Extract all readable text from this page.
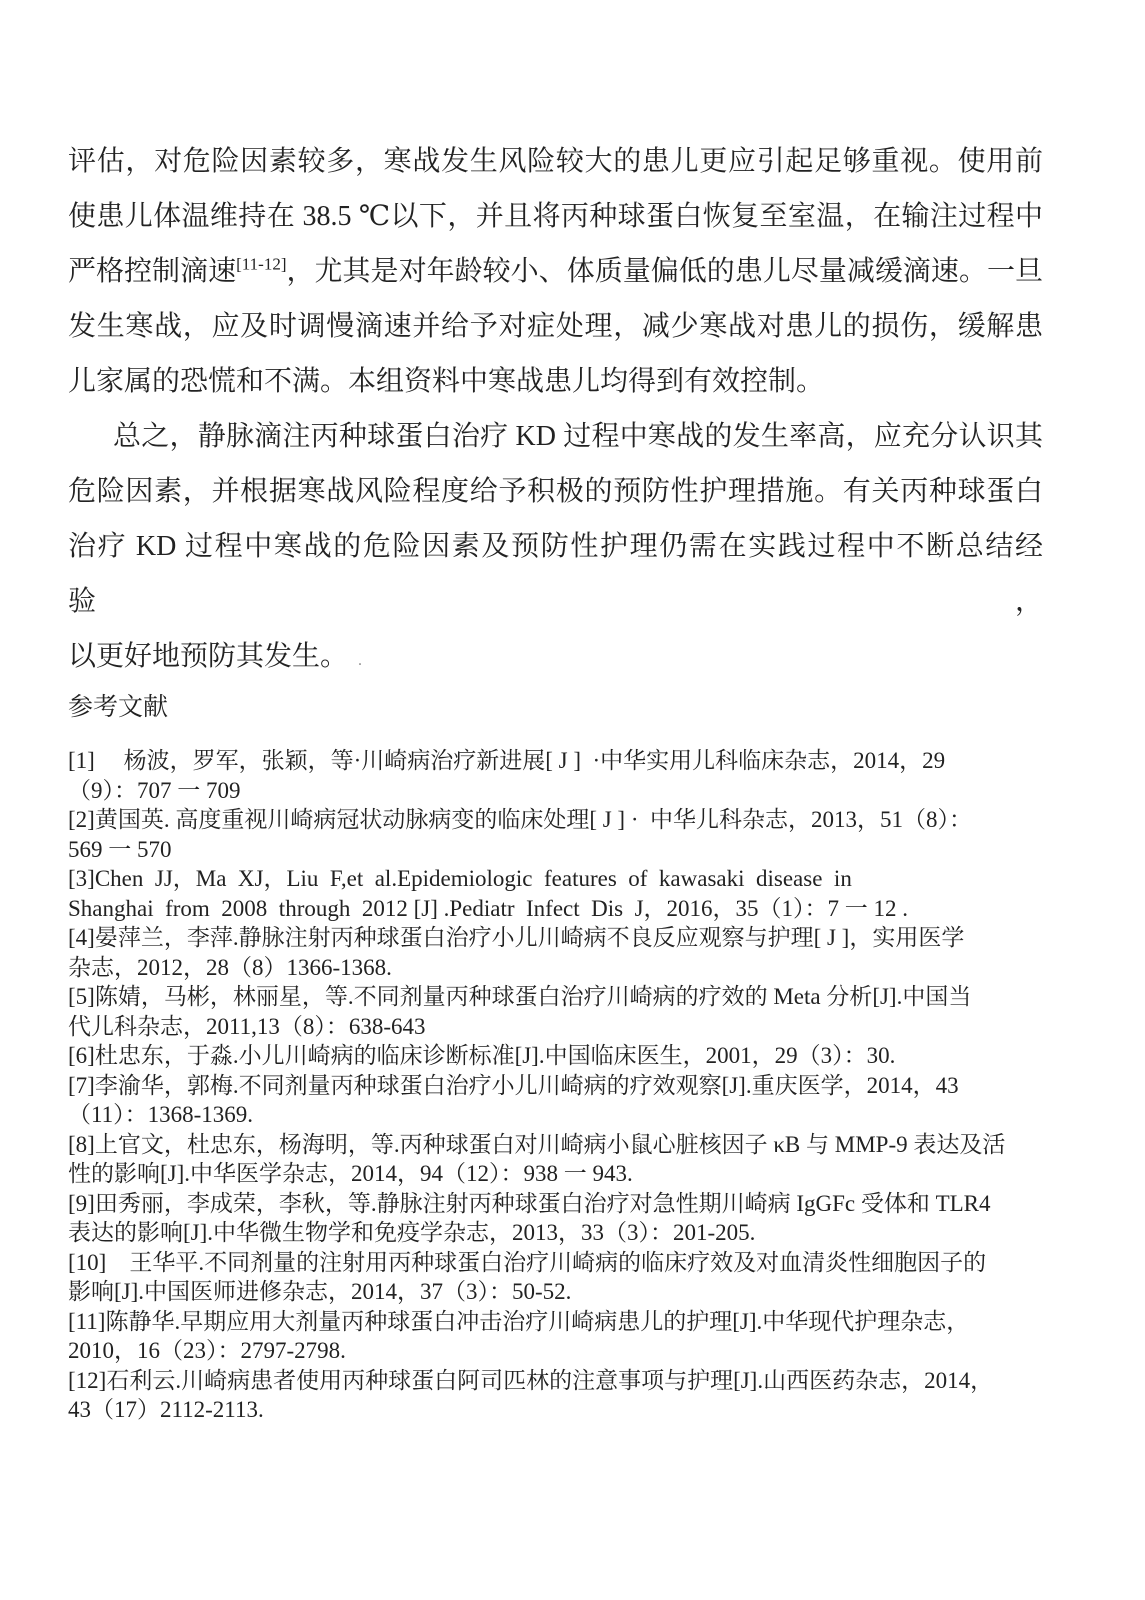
评估，对危险因素较多，寒战发生风险较大的患儿更应引起足够重视。使用前

使患儿体温维持在 38.5 ℃以下，并且将丙种球蛋白恢复至室温，在输注过程中

严格控制滴速[11-12]，尤其是对年龄较小、体质量偏低的患儿尽量减缓滴速。一旦

发生寒战，应及时调慢滴速并给予对症处理，减少寒战对患儿的损伤，缓解患

儿家属的恐慌和不满。本组资料中寒战患儿均得到有效控制。

总之，静脉滴注丙种球蛋白治疗 KD 过程中寒战的发生率高，应充分认识其

危险因素，并根据寒战风险程度给予积极的预防性护理措施。有关丙种球蛋白

治疗 KD 过程中寒战的危险因素及预防性护理仍需在实践过程中不断总结经验，

以更好地预防其发生。 .

参考文献
[1]　 杨波，罗军，张颖，等·川崎病治疗新进展[ J ]  ·中华实用儿科临床杂志，2014，29
（9）：707 一 709
[2]黄国英. 高度重视川崎病冠状动脉病变的临床处理[ J ] ·  中华儿科杂志，2013，51（8）：
569 一 570
[3]Chen  JJ，Ma  XJ，Liu  F,et  al.Epidemiologic  features  of  kawasaki  disease  in
Shanghai  from  2008  through  2012 [J] .Pediatr  Infect  Dis  J，2016，35（1）：7 一 12 .
[4]晏萍兰，李萍.静脉注射丙种球蛋白治疗小儿川崎病不良反应观察与护理[ J ]，实用医学
杂志，2012，28（8）1366-1368.
[5]陈婧，马彬，林丽星，等.不同剂量丙种球蛋白治疗川崎病的疗效的 Meta 分析[J].中国当
代儿科杂志，2011,13（8）：638-643
[6]杜忠东，于淼.小儿川崎病的临床诊断标准[J].中国临床医生，2001，29（3）：30.
[7]李渝华，郭梅.不同剂量丙种球蛋白治疗小儿川崎病的疗效观察[J].重庆医学，2014，43
（11）：1368-1369.
[8]上官文，杜忠东，杨海明，等.丙种球蛋白对川崎病小鼠心脏核因子 κB 与 MMP-9 表达及活
性的影响[J].中华医学杂志，2014，94（12）：938 一 943.
[9]田秀丽，李成荣，李秋，等.静脉注射丙种球蛋白治疗对急性期川崎病 IgGFc 受体和 TLR4
表达的影响[J].中华微生物学和免疫学杂志，2013，33（3）：201-205.
[10]　王华平.不同剂量的注射用丙种球蛋白治疗川崎病的临床疗效及对血清炎性细胞因子的
影响[J].中国医师进修杂志，2014，37（3）：50-52.
[11]陈静华.早期应用大剂量丙种球蛋白冲击治疗川崎病患儿的护理[J].中华现代护理杂志，
2010，16（23）：2797-2798.
[12]石利云.川崎病患者使用丙种球蛋白阿司匹林的注意事项与护理[J].山西医药杂志，2014，
43（17）2112-2113.
